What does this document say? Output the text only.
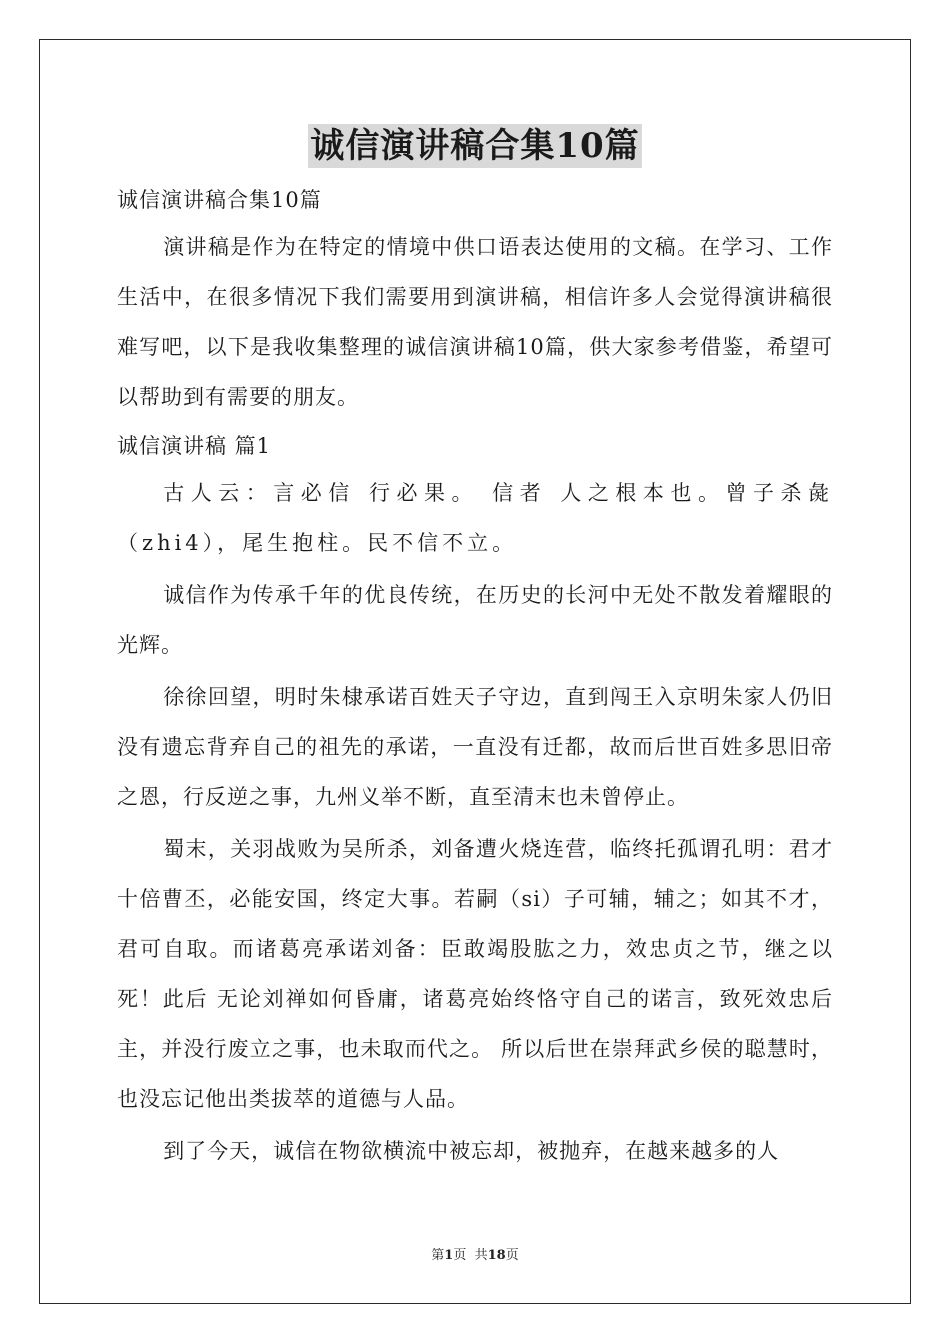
诚信演讲稿合集10篇

诚信演讲稿合集10篇

演讲稿是作为在特定的情境中供口语表达使用的文稿。在学习、工作生活中，在很多情况下我们需要用到演讲稿，相信许多人会觉得演讲稿很难写吧，以下是我收集整理的诚信演讲稿10篇，供大家参考借鉴，希望可以帮助到有需要的朋友。

诚信演讲稿 篇1

古人云：言必信 行必果。 信者 人之根本也。曾子杀彘（zhi4），尾生抱柱。民不信不立。

诚信作为传承千年的优良传统，在历史的长河中无处不散发着耀眼的光辉。

徐徐回望，明时朱棣承诺百姓天子守边，直到闯王入京明朱家人仍旧没有遗忘背弃自己的祖先的承诺，一直没有迁都，故而后世百姓多思旧帝之恩，行反逆之事，九州义举不断，直至清末也未曾停止。

蜀末，关羽战败为吴所杀，刘备遭火烧连营，临终托孤谓孔明：君才十倍曹丕，必能安国，终定大事。若嗣（si）子可辅，辅之；如其不才，君可自取。而诸葛亮承诺刘备：臣敢竭股肱之力，效忠贞之节，继之以死！此后 无论刘禅如何昏庸，诸葛亮始终恪守自己的诺言，致死效忠后主，并没行废立之事，也未取而代之。 所以后世在崇拜武乡侯的聪慧时，也没忘记他出类拔萃的道德与人品。

到了今天，诚信在物欲横流中被忘却，被抛弃，在越来越多的人

第1页  共18页
